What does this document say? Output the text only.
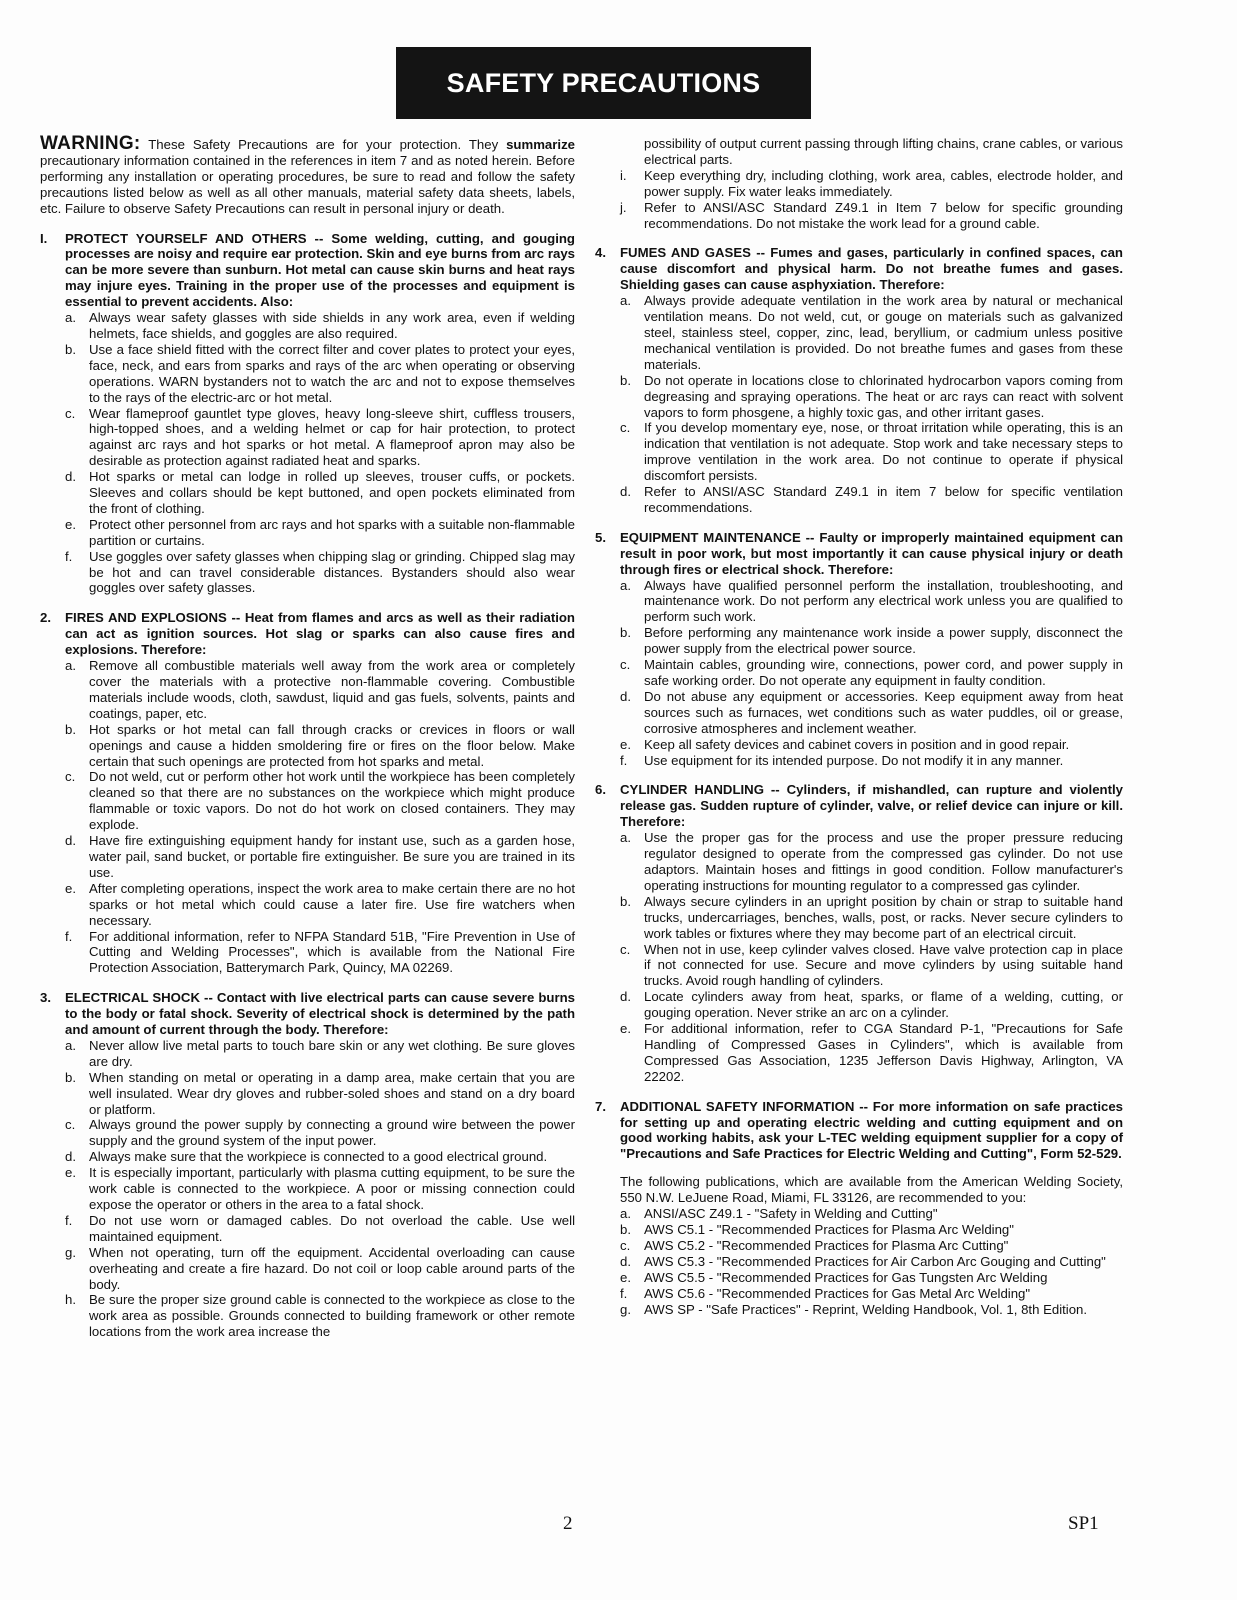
SAFETY PRECAUTIONS

WARNING: These Safety Precautions are for your protection. They summarize precautionary information contained in the references in item 7 and as noted herein. Before performing any installation or operating procedures, be sure to read and follow the safety precautions listed below as well as all other manuals, material safety data sheets, labels, etc. Failure to observe Safety Precautions can result in personal injury or death.

I.	PROTECT YOURSELF AND OTHERS -- Some welding, cutting, and gouging processes are noisy and require ear protection. Skin and eye burns from arc rays can be more severe than sunburn. Hot metal can cause skin burns and heat rays may injure eyes. Training in the proper use of the processes and equipment is essential to prevent accidents. Also:
a. Always wear safety glasses with side shields in any work area, even if welding helmets, face shields, and goggles are also required.
b. Use a face shield fitted with the correct filter and cover plates to protect your eyes, face, neck, and ears from sparks and rays of the arc when operating or observing operations. WARN bystanders not to watch the arc and not to expose themselves to the rays of the electric-arc or hot metal.
c.	Wear flameproof gauntlet type gloves, heavy long-sleeve shirt, cuffless trousers, high-topped shoes, and a welding helmet or cap for hair protection, to protect against arc rays and hot sparks or hot metal. A flameproof apron may also be desirable as protection against radiated heat and sparks.
d. Hot sparks or metal can lodge in rolled up sleeves, trouser cuffs, or pockets. Sleeves and collars should be kept buttoned, and open pockets eliminated from the front of clothing.
e. Protect other personnel from arc rays and hot sparks with a suitable non-flammable partition or curtains.
f.	Use goggles over safety glasses when chipping slag or grinding. Chipped slag may be hot and can travel considerable distances. Bystanders should also wear goggles over safety glasses.
2.	FIRES AND EXPLOSIONS -- Heat from flames and arcs as well as their radiation can act as ignition sources. Hot slag or sparks can also cause fires and explosions. Therefore:
a. Remove all combustible materials well away from the work area or completely cover the materials with a protective non-flammable covering. Combustible materials include woods, cloth, sawdust, liquid and gas fuels, solvents, paints and coatings, paper, etc.
b. Hot sparks or hot metal can fall through cracks or crevices in floors or wall openings and cause a hidden smoldering fire or fires on the floor below. Make certain that such openings are protected from hot sparks and metal.
c.	Do not weld, cut or perform other hot work until the workpiece has been completely cleaned so that there are no substances on the workpiece which might produce flammable or toxic vapors. Do not do hot work on closed containers. They may explode.
d. Have fire extinguishing equipment handy for instant use, such as a garden hose, water pail, sand bucket, or portable fire extinguisher. Be sure you are trained in its use.
e. After completing operations, inspect the work area to make certain there are no hot sparks or hot metal which could cause a later fire. Use fire watchers when necessary.
f.	For additional information, refer to NFPA Standard 51B, "Fire Prevention in Use of Cutting and Welding Processes", which is available from the National Fire Protection Association, Batterymarch Park, Quincy, MA 02269.
3.	ELECTRICAL SHOCK -- Contact with live electrical parts can cause severe burns to the body or fatal shock. Severity of electrical shock is determined by the path and amount of current through the body. Therefore:
a. Never allow live metal parts to touch bare skin or any wet clothing. Be sure gloves are dry.
b. When standing on metal or operating in a damp area, make certain that you are well insulated. Wear dry gloves and rubber-soled shoes and stand on a dry board or platform.
c.	Always ground the power supply by connecting a ground wire between the power supply and the ground system of the input power.
d. Always make sure that the workpiece is connected to a good electrical ground.
e. It is especially important, particularly with plasma cutting equipment, to be sure the work cable is connected to the workpiece. A poor or missing connection could expose the operator or others in the area to a fatal shock.
f.	Do not use worn or damaged cables. Do not overload the cable. Use well maintained equipment.
g. When not operating, turn off the equipment. Accidental overloading can cause overheating and create a fire hazard. Do not coil or loop cable around parts of the body.
h. Be sure the proper size ground cable is connected to the workpiece as close to the work area as possible. Grounds connected to building framework or other remote locations from the work area increase the
possibility of output current passing through lifting chains, crane cables, or various electrical parts.
i.	Keep everything dry, including clothing, work area, cables, electrode holder, and power supply. Fix water leaks immediately.
j.	Refer to ANSI/ASC Standard Z49.1 in Item 7 below for specific grounding recommendations. Do not mistake the work lead for a ground cable.
4.	FUMES AND GASES -- Fumes and gases, particularly in confined spaces, can cause discomfort and physical harm. Do not breathe fumes and gases. Shielding gases can cause asphyxiation. Therefore:
a. Always provide adequate ventilation in the work area by natural or mechanical ventilation means. Do not weld, cut, or gouge on materials such as galvanized steel, stainless steel, copper, zinc, lead, beryllium, or cadmium unless positive mechanical ventilation is provided. Do not breathe fumes and gases from these materials.
b. Do not operate in locations close to chlorinated hydrocarbon vapors coming from degreasing and spraying operations. The heat or arc rays can react with solvent vapors to form phosgene, a highly toxic gas, and other irritant gases.
c.	If you develop momentary eye, nose, or throat irritation while operating, this is an indication that ventilation is not adequate. Stop work and take necessary steps to improve ventilation in the work area. Do not continue to operate if physical discomfort persists.
d. Refer to ANSI/ASC Standard Z49.1 in item 7 below for specific ventilation recommendations.
5.	EQUIPMENT MAINTENANCE -- Faulty or improperly maintained equipment can result in poor work, but most importantly it can cause physical injury or death through fires or electrical shock. Therefore:
a. Always have qualified personnel perform the installation, troubleshooting, and maintenance work. Do not perform any electrical work unless you are qualified to perform such work.
b. Before performing any maintenance work inside a power supply, disconnect the power supply from the electrical power source.
c.	Maintain cables, grounding wire, connections, power cord, and power supply in safe working order. Do not operate any equipment in faulty condition.
d. Do not abuse any equipment or accessories. Keep equipment away from heat sources such as furnaces, wet conditions such as water puddles, oil or grease, corrosive atmospheres and inclement weather.
e. Keep all safety devices and cabinet covers in position and in good repair.
f.	Use equipment for its intended purpose. Do not modify it in any manner.
6.	CYLINDER HANDLING -- Cylinders, if mishandled, can rupture and violently release gas. Sudden rupture of cylinder, valve, or relief device can injure or kill. Therefore:
a. Use the proper gas for the process and use the proper pressure reducing regulator designed to operate from the compressed gas cylinder. Do not use adaptors. Maintain hoses and fittings in good condition. Follow manufacturer's operating instructions for mounting regulator to a compressed gas cylinder.
b. Always secure cylinders in an upright position by chain or strap to suitable hand trucks, undercarriages, benches, walls, post, or racks. Never secure cylinders to work tables or fixtures where they may become part of an electrical circuit.
c.	When not in use, keep cylinder valves closed. Have valve protection cap in place if not connected for use. Secure and move cylinders by using suitable hand trucks. Avoid rough handling of cylinders.
d. Locate cylinders away from heat, sparks, or flame of a welding, cutting, or gouging operation. Never strike an arc on a cylinder.
e. For additional information, refer to CGA Standard P-1, "Precautions for Safe Handling of Compressed Gases in Cylinders", which is available from Compressed Gas Association, 1235 Jefferson Davis Highway, Arlington, VA 22202.
7.	ADDITIONAL SAFETY INFORMATION -- For more information on safe practices for setting up and operating electric welding and cutting equipment and on good working habits, ask your L-TEC welding equipment supplier for a copy of "Precautions and Safe Practices for Electric Welding and Cutting", Form 52-529.
The following publications, which are available from the American Welding Society, 550 N.W. LeJuene Road, Miami, FL 33126, are recommended to you:
a. ANSI/ASC Z49.1 - "Safety in Welding and Cutting"
b. AWS C5.1 - "Recommended Practices for Plasma Arc Welding"
c.	AWS C5.2 - "Recommended Practices for Plasma Arc Cutting"
d. AWS C5.3 - "Recommended Practices for Air Carbon Arc Gouging and Cutting"
e. AWS C5.5 - "Recommended Practices for Gas Tungsten Arc Welding
f.	AWS C5.6 - "Recommended Practices for Gas Metal Arc Welding"
g. AWS SP - "Safe Practices" - Reprint, Welding Handbook, Vol. 1, 8th Edition.
2	SP1
